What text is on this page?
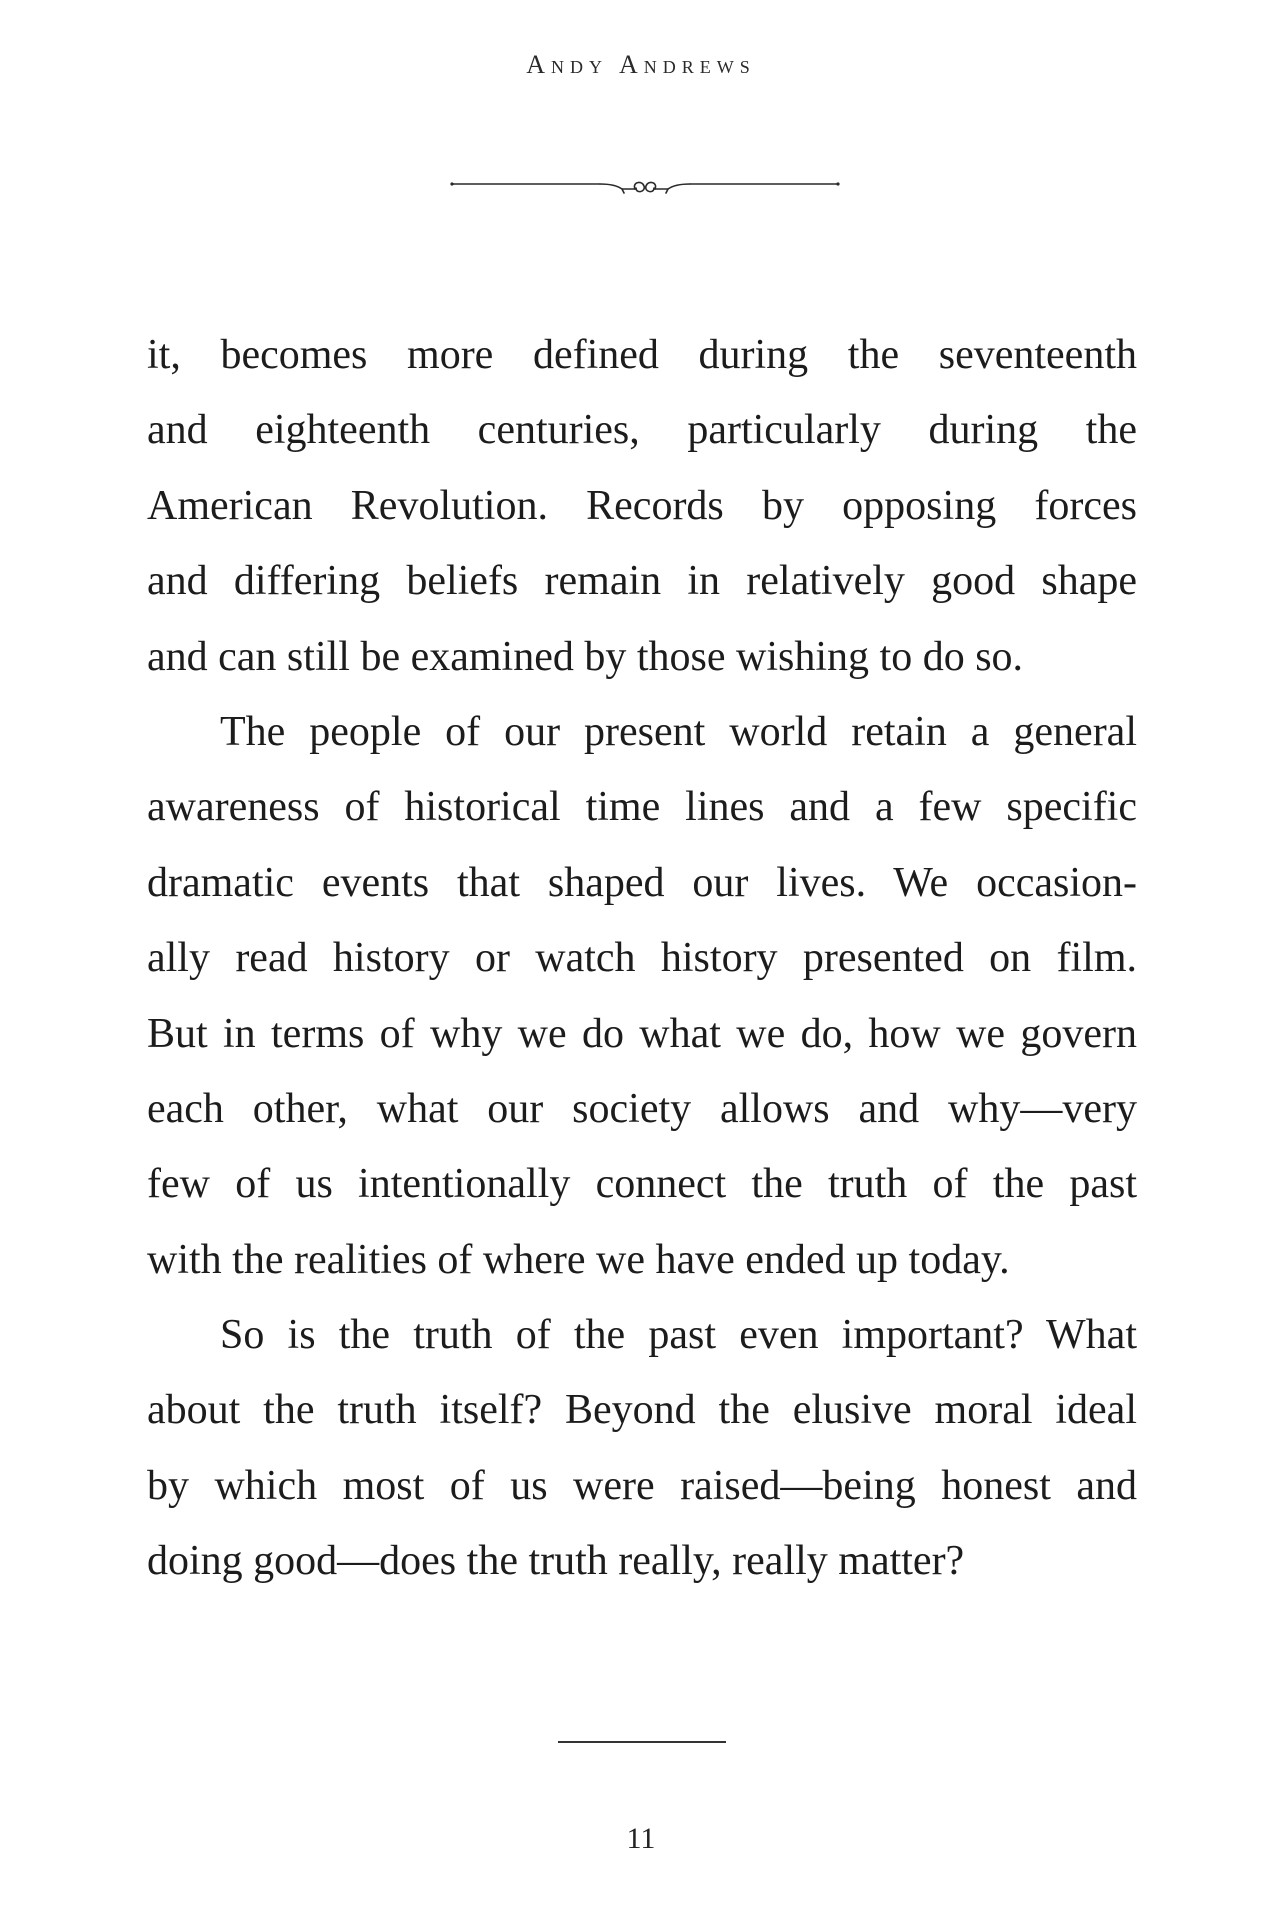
Andy Andrews
it, becomes more defined during the seventeenth
and eighteenth centuries, particularly during the
American Revolution. Records by opposing forces
and differing beliefs remain in relatively good shape
and can still be examined by those wishing to do so.
The people of our present world retain a general
awareness of historical time lines and a few specific
dramatic events that shaped our lives. We occasion-
ally read history or watch history presented on film.
But in terms of why we do what we do, how we govern
each other, what our society allows and why—very
few of us intentionally connect the truth of the past
with the realities of where we have ended up today.
So is the truth of the past even important? What
about the truth itself? Beyond the elusive moral ideal
by which most of us were raised—being honest and
doing good—does the truth really, really matter?
11
